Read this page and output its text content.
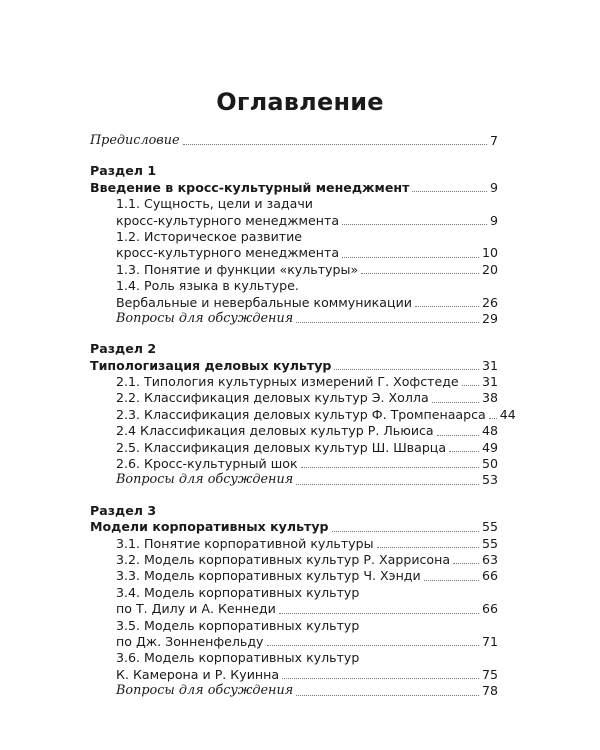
Оглавление
Предисловие	7
Раздел 1
Введение в кросс-культурный менеджмент	9
1.1. Сущность, цели и задачи
кросс-культурного менеджмента	9
1.2. Историческое развитие
кросс-культурного менеджмента	10
1.3. Понятие и функции «культуры»	20
1.4. Роль языка в культуре.
Вербальные и невербальные коммуникации	26
Вопросы для обсуждения	29
Раздел 2
Типологизация деловых культур	31
2.1. Типология культурных измерений Г. Хофстеде 31
2.2. Классификация деловых культур Э. Холла	38
2.3. Классификация деловых культур Ф. Тромпенаарса 44
2.4 Классификация деловых культур Р. Льюиса	48
2.5. Классификация деловых культур Ш. Шварца	49
2.6. Кросс-культурный шок	50
Вопросы для обсуждения	53
Раздел 3
Модели корпоративных культур	55
3.1. Понятие корпоративной культуры	55
3.2. Модель корпоративных культур Р. Харрисона	63
3.3. Модель корпоративных культур Ч. Хэнди	66
3.4. Модель корпоративных культур
по Т. Дилу и А. Кеннеди	66
3.5. Модель корпоративных культур
по Дж. Зонненфельду	71
3.6. Модель корпоративных культур
К. Камерона и Р. Куинна	75
Вопросы для обсуждения	78
